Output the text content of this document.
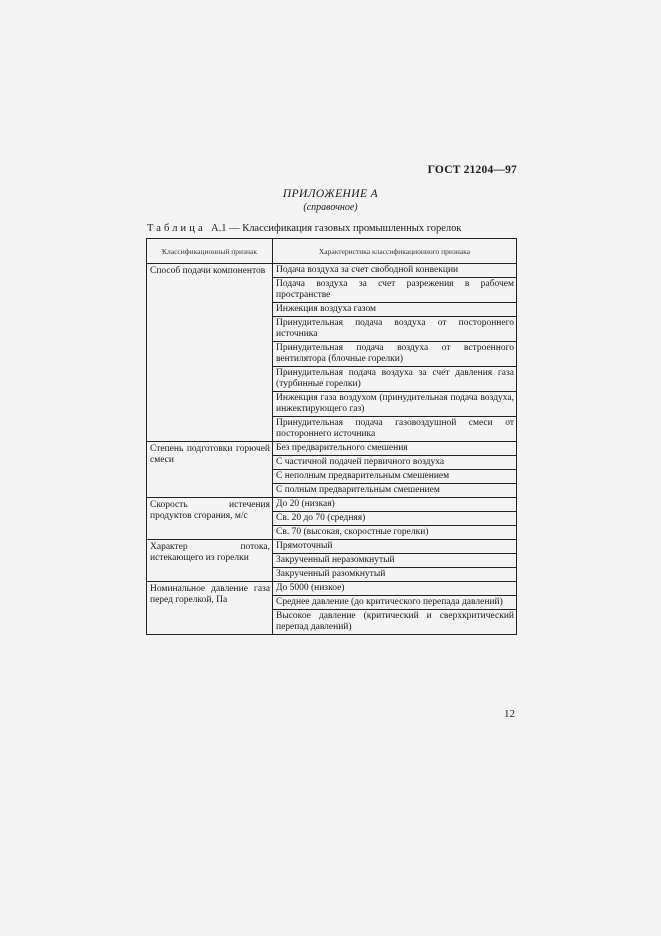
ГОСТ 21204—97
ПРИЛОЖЕНИЕ А
(справочное)
Таблица А.1 — Классификация газовых промышленных горелок
Классификационный признак	Характеристика классификационного признака
Способ подачи компонентов	Подача воздуха за счет свободной конвекции
	Подача воздуха за счет разрежения в рабочем пространстве
	Инжекция воздуха газом
	Принудительная подача воздуха от постороннего источника
	Принудительная подача воздуха от встроенного вентилятора (блочные горелки)
	Принудительная подача воздуха за счет давления газа (турбинные горелки)
	Инжекция газа воздухом (принудительная подача воздуха, инжектирующего газ)
	Принудительная подача газовоздушной смеси от постороннего источника
Степень подготовки горючей смеси	Без предварительного смешения
	С частичной подачей первичного воздуха
	С неполным предварительным смешением
	С полным предварительным смешением
Скорость истечения продуктов сгорания, м/с	До 20 (низкая)
	Св. 20 до 70 (средняя)
	Св. 70 (высокая, скоростные горелки)
Характер потока, истекающего из горелки	Прямоточный
	Закрученный неразомкнутый
	Закрученный разомкнутый
Номинальное давление газа перед горелкой, Па	До 5000 (низкое)
	Среднее давление (до критического перепада давлений)
	Высокое давление (критический и сверхкритический перепад давлений)
12
